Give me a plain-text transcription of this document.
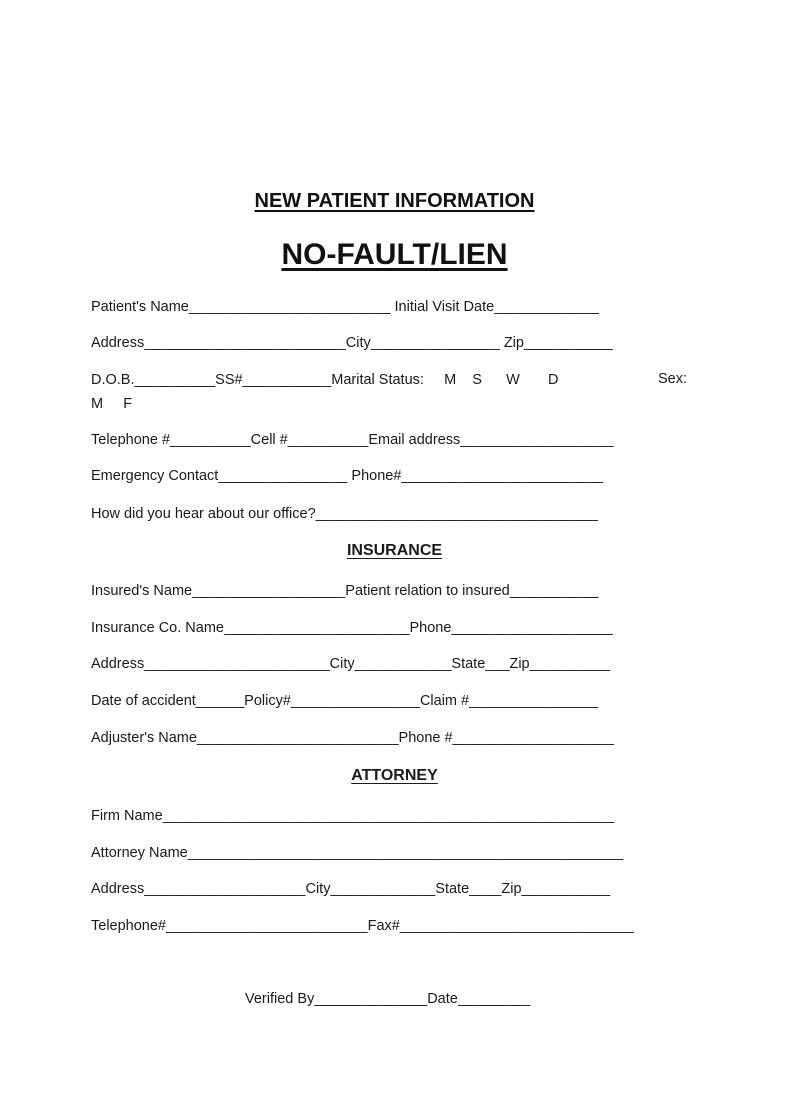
NEW PATIENT INFORMATION
NO-FAULT/LIEN
Patient's Name_________________________ Initial Visit Date_____________
Address_________________________City________________ Zip___________
D.O.B.__________SS#___________Marital Status:     M    S      W       D	Sex:
M     F
Telephone #__________Cell #__________Email address___________________
Emergency Contact________________ Phone#_________________________
How did you hear about our office?___________________________________
INSURANCE
Insured's Name___________________Patient relation to insured___________
Insurance Co. Name_______________________Phone____________________
Address_______________________City____________State___Zip__________
Date of accident______Policy#________________Claim #________________
Adjuster's Name_________________________Phone #____________________
ATTORNEY
Firm Name________________________________________________________
Attorney Name______________________________________________________
Address____________________City_____________State____Zip___________
Telephone#_________________________Fax#_____________________________
Verified By______________Date_________
